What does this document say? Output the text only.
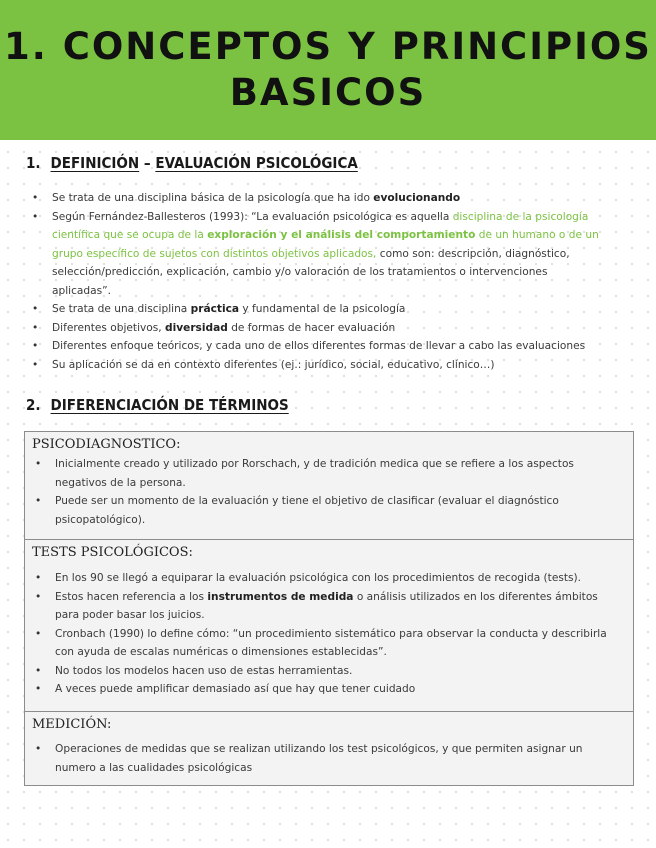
1. CONCEPTOS Y PRINCIPIOS
BASICOS
1. DEFINICIÓN – EVALUACIÓN PSICOLÓGICA
• Se trata de una disciplina básica de la psicología que ha ido evolucionando
• Según Fernández-Ballesteros (1993): “La evaluación psicológica es aquella disciplina de la psicología científica que se ocupa de la exploración y el análisis del comportamiento de un humano o de un grupo específico de sujetos con distintos objetivos aplicados, como son: descripción, diagnóstico, selección/predicción, explicación, cambio y/o valoración de los tratamientos o intervenciones aplicadas”.
• Se trata de una disciplina práctica y fundamental de la psicología
• Diferentes objetivos, diversidad de formas de hacer evaluación
• Diferentes enfoque teóricos, y cada uno de ellos diferentes formas de llevar a cabo las evaluaciones
• Su aplicación se da en contexto diferentes (ej.: jurídico, social, educativo, clínico…)
2. DIFERENCIACIÓN DE TÉRMINOS
PSICODIAGNOSTICO:
• Inicialmente creado y utilizado por Rorschach, y de tradición medica que se refiere a los aspectos negativos de la persona.
• Puede ser un momento de la evaluación y tiene el objetivo de clasificar (evaluar el diagnóstico psicopatológico).
TESTS PSICOLÓGICOS:
• En los 90 se llegó a equiparar la evaluación psicológica con los procedimientos de recogida (tests).
• Estos hacen referencia a los instrumentos de medida o análisis utilizados en los diferentes ámbitos para poder basar los juicios.
• Cronbach (1990) lo define cómo: “un procedimiento sistemático para observar la conducta y describirla con ayuda de escalas numéricas o dimensiones establecidas”.
• No todos los modelos hacen uso de estas herramientas.
• A veces puede amplificar demasiado así que hay que tener cuidado
MEDICIÓN:
• Operaciones de medidas que se realizan utilizando los test psicológicos, y que permiten asignar un numero a las cualidades psicológicas
